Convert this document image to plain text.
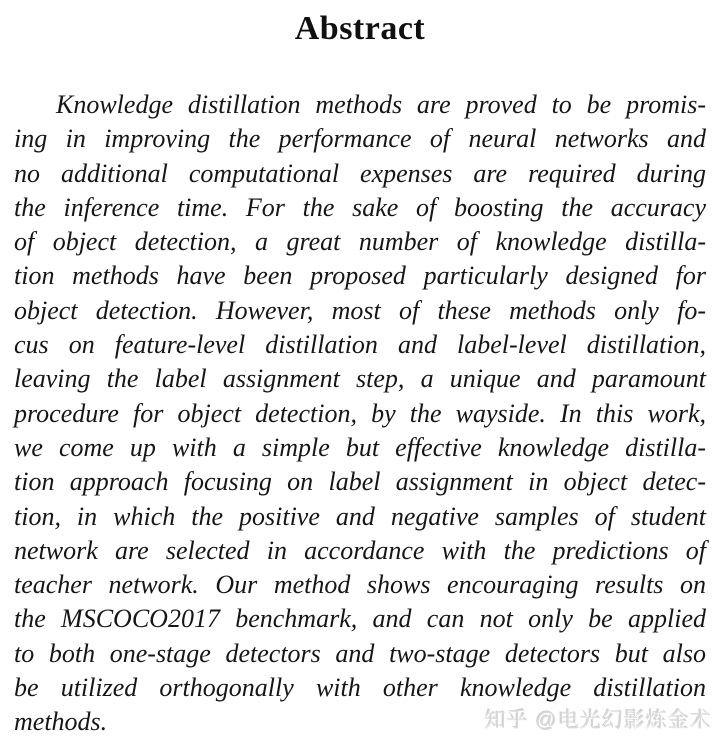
Abstract
Knowledge distillation methods are proved to be promis-
ing in improving the performance of neural networks and
no additional computational expenses are required during
the inference time. For the sake of boosting the accuracy
of object detection, a great number of knowledge distilla-
tion methods have been proposed particularly designed for
object detection. However, most of these methods only fo-
cus on feature-level distillation and label-level distillation,
leaving the label assignment step, a unique and paramount
procedure for object detection, by the wayside. In this work,
we come up with a simple but effective knowledge distilla-
tion approach focusing on label assignment in object detec-
tion, in which the positive and negative samples of student
network are selected in accordance with the predictions of
teacher network. Our method shows encouraging results on
the MSCOCO2017 benchmark, and can not only be applied
to both one-stage detectors and two-stage detectors but also
be utilized orthogonally with other knowledge distillation
methods.	知乎 @电光幻影炼金术
